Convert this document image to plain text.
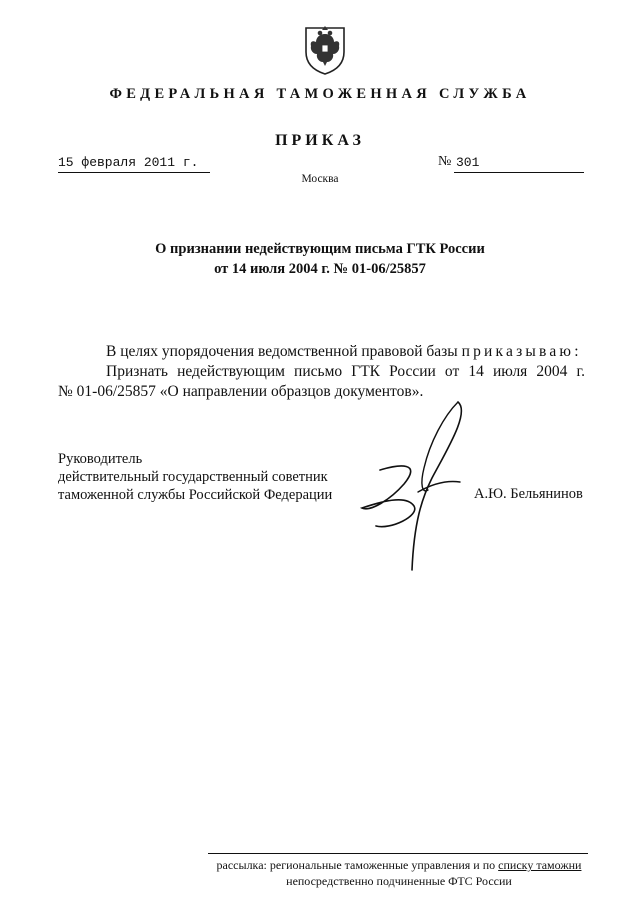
ФЕДЕРАЛЬНАЯ ТАМОЖЕННАЯ СЛУЖБА
ПРИКАЗ
15 февраля 2011 г.	№ 301
Москва
О признании недействующим письма ГТК России
от 14 июля 2004 г. № 01-06/25857
В целях упорядочения ведомственной правовой базы приказываю:
Признать недействующим письмо ГТК России от 14 июля 2004 г.
№ 01-06/25857 «О направлении образцов документов».
Руководитель
действительный государственный советник
таможенной службы Российской Федерации	А.Ю. Бельянинов
рассылка: региональные таможенные управления и по списку таможни
непосредственно подчиненные ФТС России
